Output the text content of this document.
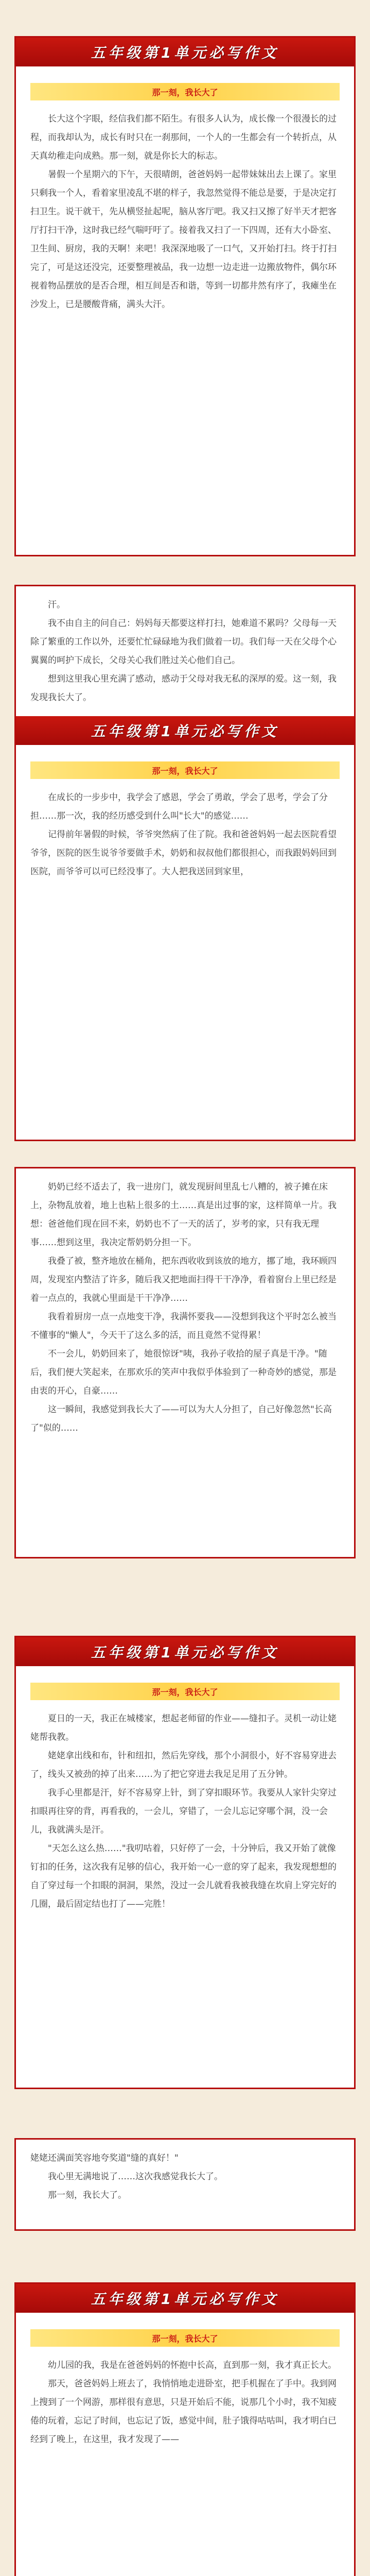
五年级第1单元必写作文
那一刻，我长大了

长大这个字眼，经信我们都不陌生。有很多人认为，成长像一个很漫长的过程，而我却认为，成长有时只在一刹那间，一个人的一生都会有一个转折点，从天真幼稚走向成熟。那一刻，就是你长大的标志。

暑假一个星期六的下午，天很晴朗，爸爸妈妈一起带妹妹出去上课了。家里只剩我一个人，看着家里凌乱不堪的样子，我忽然觉得不能总是要，于是决定打扫卫生。说干就干，先从横竖扯起呢，脑从客厅吧。我又扫又擦了好半天才把客厅打扫干净，这时我已经气喘吁吁了。接着我又扫了一下四周，还有大小卧室、卫生间、厨房，我的天啊！来吧！我深深地吸了一口气，又开始打扫。终于打扫完了，可是这还没完，还要整理被品，我一边想一边走进一边搬放物件，偶尔环视着物品摆放的是否合理，相互间是否和谐，等到一切都井然有序了，我瘫坐在沙发上，已是腰酸背痛，满头大汗。

汗。

我不由自主的问自己：妈妈每天都要这样打扫，她难道不累吗？父母每一天除了繁重的工作以外，还要忙忙碌碌地为我们做着一切。我们每一天在父母个心翼翼的呵护下成长，父母关心我们胜过关心他们自己。

想到这里我心里充满了感动，感动于父母对我无私的深厚的爱。这一刻，我发现我长大了。

五年级第1单元必写作文
那一刻，我长大了

在成长的一步步中，我学会了感恩，学会了勇敢，学会了思考，学会了分担……那一次，我的经历感受到什么叫"长大"的感觉……

记得前年暑假的时候，爷爷突然病了住了院。我和爸爸妈妈一起去医院看望爷爷，医院的医生说爷爷要做手术，奶奶和叔叔他们都很担心，而我跟妈妈回到医院，而爷爷可以可已经没事了。大人把我送回到家里，

奶奶已经不适去了，我一进房门，就发现厨间里乱七八糟的，被子摊在床上，杂物乱放着，地上也粘上很多的土……真是出过事的家，这样简单一片。我想：爸爸他们现在回不来，奶奶也不了一天的活了，岁考的家，只有我无理事……想到这里，我决定帮奶奶分担一下。

我叠了被，整齐地放在桶角，把东西收收到该放的地方，挪了地，我环顾四周，发现室内整洁了许多，随后我又把地面扫得干干净净，看着窗台上里已经是着一点点的，我就心里面是干干净净……

我看着厨房一点一点地变干净，我满怀要我——没想到我这个平时怎么被当不懂事的"懒人"，今天干了这么多的活，而且竟然不觉得累！

不一会儿，奶奶回来了，她很惊讶"咦，我孙子收拾的屋子真是干净。"随后，我们便大笑起来，在那欢乐的笑声中我似乎体验到了一种奇妙的感觉，那是由衷的开心，自豪……

这一瞬间，我感觉到我长大了——可以为大人分担了，自己好像忽然"长高了"似的……

五年级第1单元必写作文
那一刻，我长大了

夏日的一天，我正在城楼家，想起老师留的作业——缝扣子。灵机一动让姥姥帮我教。

姥姥拿出线和布，针和纽扣，然后先穿线，那个小洞很小，好不容易穿进去了，线头又被劲的掉了出来……为了把它穿进去我足足用了五分钟。

我手心里都是汗，好不容易穿上针，到了穿扣眼环节。我要从人家针尖穿过扣眼再往穿的背，再看我的，一会儿，穿错了，一会儿忘记穿哪个洞，没一会儿，我就满头是汗。

"天怎么这么热……"我叨咕着，只好停了一会，十分钟后，我又开始了就像钉扣的任务，这次我有足够的信心，我开始一心一意的穿了起来，我发现想想的自了穿过每一个扣眼的洞洞，果然，没过一会儿就看我被我缝在坎肩上穿完好的几圈，最后固定结也打了——完胜！

姥姥还满面笑容地夸奖道"缝的真好！"

我心里无满地说了……这次我感觉我长大了。

那一刻，我长大了。

五年级第1单元必写作文
那一刻，我长大了

幼儿园的我，我是在爸爸妈妈的怀抱中长高，直到那一刻，我才真正长大。

那天，爸爸妈妈上班去了，我悄悄地走进卧室，把手机握在了手中。我到网上搜到了一个网游，那样很有意思，只是开始后不能，说那几个小时，我不知疲倦的玩着，忘记了时间，也忘记了饭，感觉中间，肚子饿得咕咕叫，我才明白已经到了晚上，在这里，我才发现了——
